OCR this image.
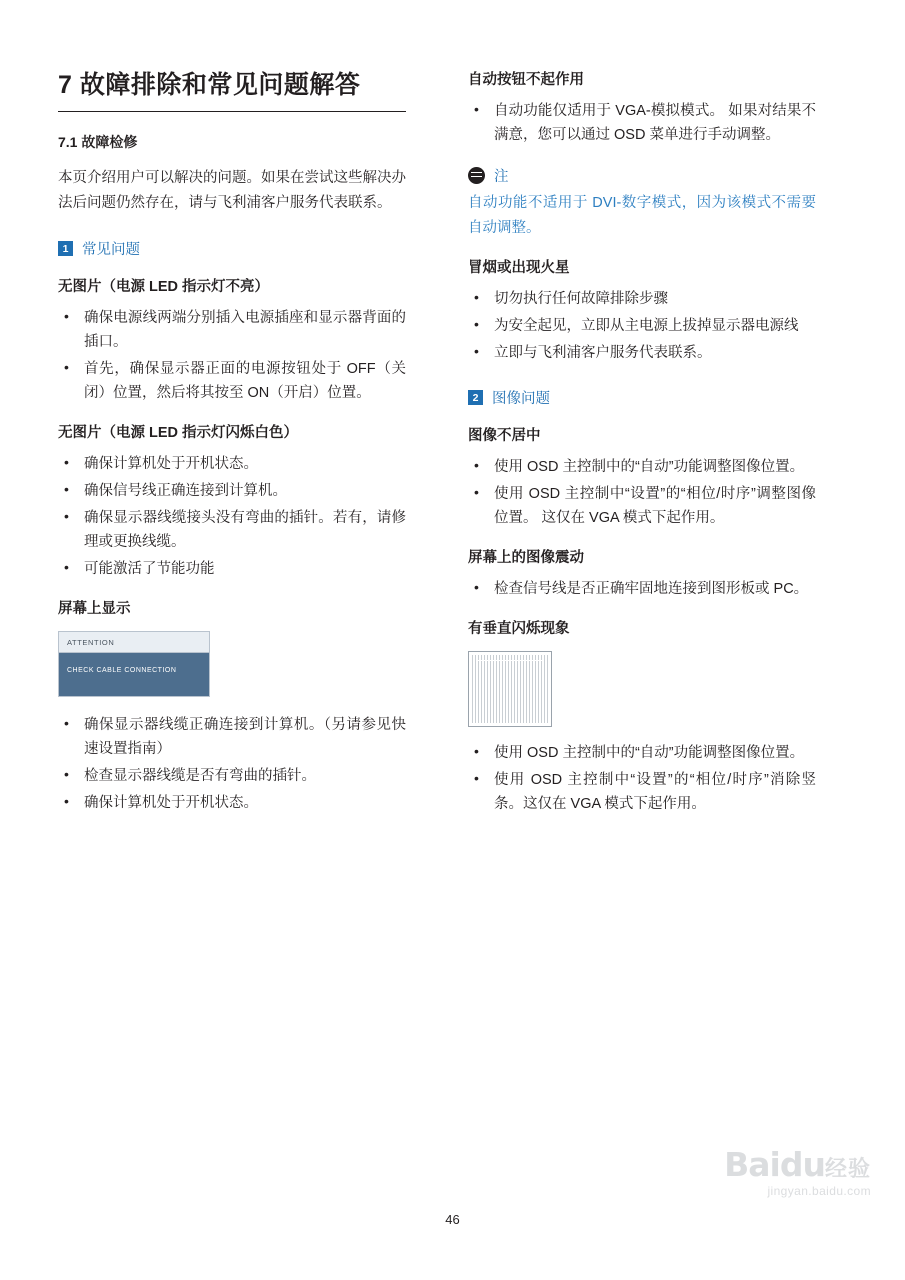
7 故障排除和常见问题解答
7.1 故障检修

本页介绍用户可以解决的问题。如果在尝试这些解决办法后问题仍然存在，请与飞利浦客户服务代表联系。

1 常见问题
无图片（电源 LED 指示灯不亮）
• 确保电源线两端分别插入电源插座和显示器背面的插口。
• 首先，确保显示器正面的电源按钮处于 OFF（关闭）位置，然后将其按至 ON（开启）位置。
无图片（电源 LED 指示灯闪烁白色）
• 确保计算机处于开机状态。
• 确保信号线正确连接到计算机。
• 确保显示器线缆接头没有弯曲的插针。若有，请修理或更换线缆。
• 可能激活了节能功能
屏幕上显示
ATTENTION
CHECK CABLE CONNECTION
• 确保显示器线缆正确连接到计算机。（另请参见快速设置指南）
• 检查显示器线缆是否有弯曲的插针。
• 确保计算机处于开机状态。
自动按钮不起作用
• 自动功能仅适用于 VGA-模拟模式。 如果对结果不满意，您可以通过 OSD 菜单进行手动调整。
注

自动功能不适用于 DVI-数字模式，因为该模式不需要自动调整。

冒烟或出现火星
• 切勿执行任何故障排除步骤
• 为安全起见，立即从主电源上拔掉显示器电源线
• 立即与飞利浦客户服务代表联系。
2 图像问题
图像不居中
• 使用 OSD 主控制中的“自动”功能调整图像位置。
• 使用 OSD 主控制中“设置”的“相位/时序”调整图像位置。 这仅在 VGA 模式下起作用。
屏幕上的图像震动
• 检查信号线是否正确牢固地连接到图形板或 PC。
有垂直闪烁现象
• 使用 OSD 主控制中的“自动”功能调整图像位置。
• 使用 OSD 主控制中“设置”的“相位/时序”消除竖条。这仅在 VGA 模式下起作用。
Baidu经验
jingyan.baidu.com
46
